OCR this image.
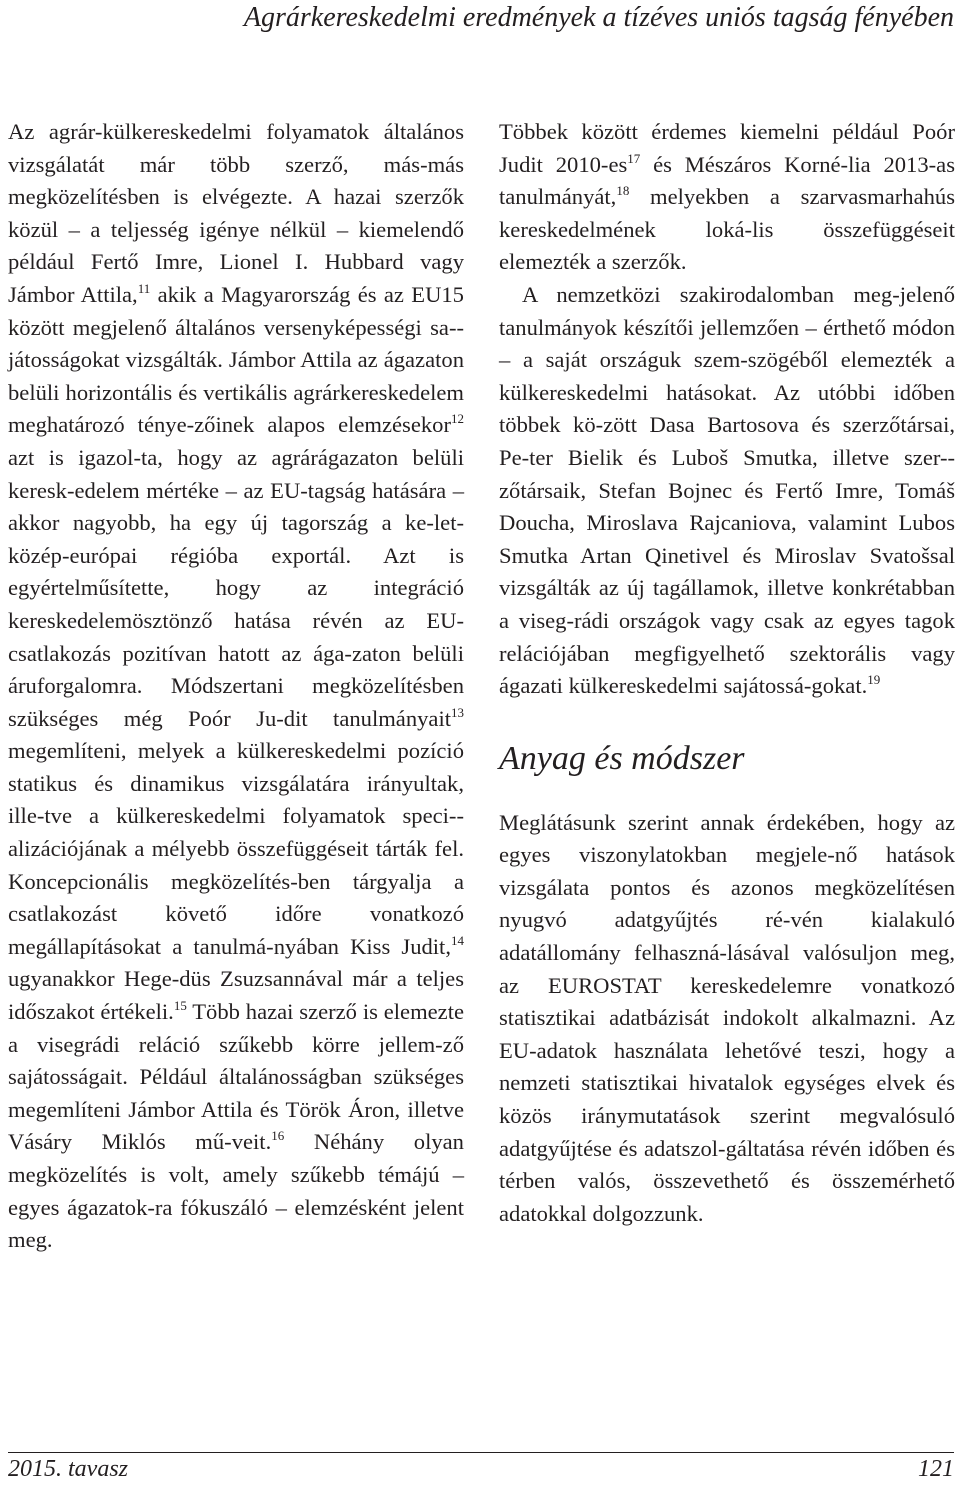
Agrárkereskedelmi eredmények a tízéves uniós tagság fényében

Az agrár-külkereskedelmi folyamatok általános vizsgálatát már több szerző, más-más megközelítésben is elvégezte. A hazai szerzők közül – a teljesség igénye nélkül – kiemelendő például Fertő Imre, Lionel I. Hubbard vagy Jámbor Attila,$^{11}$ akik a Magyarország és az EU15 között megjelenő általános versenyképességi sa-játosságokat vizsgálták. Jámbor Attila az ágazaton belüli horizontális és vertikális agrárkereskedelem meghatározó ténye-zőinek alapos elemzésekor$^{12}$ azt is igazol-ta, hogy az agrárágazaton belüli keresk-edelem mértéke – az EU-tagság hatására – akkor nagyobb, ha egy új tagország a ke-let-közép-európai régióba exportál. Azt is egyértelműsítette, hogy az integráció kereskedelemösztönző hatása révén az EU-csatlakozás pozitívan hatott az ága-zaton belüli áruforgalomra. Módszertani megközelítésben szükséges még Poór Ju-dit tanulmányait$^{13}$ megemlíteni, melyek a külkereskedelmi pozíció statikus és dinamikus vizsgálatára irányultak, ille-tve a külkereskedelmi folyamatok speci-alizációjának a mélyebb összefüggéseit tárták fel. Koncepcionális megközelítés-ben tárgyalja a csatlakozást követő időre vonatkozó megállapításokat a tanulmá-nyában Kiss Judit,$^{14}$ ugyanakkor Hege-düs Zsuzsannával már a teljes időszakot értékeli.$^{15}$ Több hazai szerző is elemezte a visegrádi reláció szűkebb körre jellem-ző sajátosságait. Például általánosságban szükséges megemlíteni Jámbor Attila és Török Áron, illetve Vásáry Miklós mű-veit.$^{16}$ Néhány olyan megközelítés is volt, amely szűkebb témájú – egyes ágazatok-ra fókuszáló – elemzésként jelent meg.

Többek között érdemes kiemelni például Poór Judit $2010-es^{17}$ és Mészáros Korné-lia 2013-as tanulmányát,$^{18}$ melyekben a szarvasmarhahús kereskedelmének loká-lis összefüggéseit elemezték a szerzők.

A nemzetközi szakirodalomban meg-jelenő tanulmányok készítői jellemzően – érthető módon – a saját országuk szem-szögéből elemezték a külkereskedelmi hatásokat. Az utóbbi időben többek kö-zött Dasa Bartosova és szerzőtársai, Pe-ter Bielik és Luboš Smutka, illetve szer-zőtársaik, Stefan Bojnec és Fertő Imre, Tomáš Doucha, Miroslava Rajcaniova, valamint Lubos Smutka Artan Qinetivel és Miroslav Svatošsal vizsgálták az új tagállamok, illetve konkrétabban a viseg-rádi országok vagy csak az egyes tagok relációjában megfigyelhető szektorális vagy ágazati külkereskedelmi sajátossá-gokat.$^{19}$

Anyag és módszer

Meglátásunk szerint annak érdekében, hogy az egyes viszonylatokban megjele-nő hatások vizsgálata pontos és azonos megközelítésen nyugvó adatgyűjtés ré-vén kialakuló adatállomány felhaszná-lásával valósuljon meg, az EUROSTAT kereskedelemre vonatkozó statisztikai adatbázisát indokolt alkalmazni. Az EU-adatok használata lehetővé teszi, hogy a nemzeti statisztikai hivatalok egységes elvek és közös iránymutatások szerint megvalósuló adatgyűjtése és adatszol-gáltatása révén időben és térben valós, összevethető és összemérhető adatokkal dolgozzunk.

2015. tavasz	121
